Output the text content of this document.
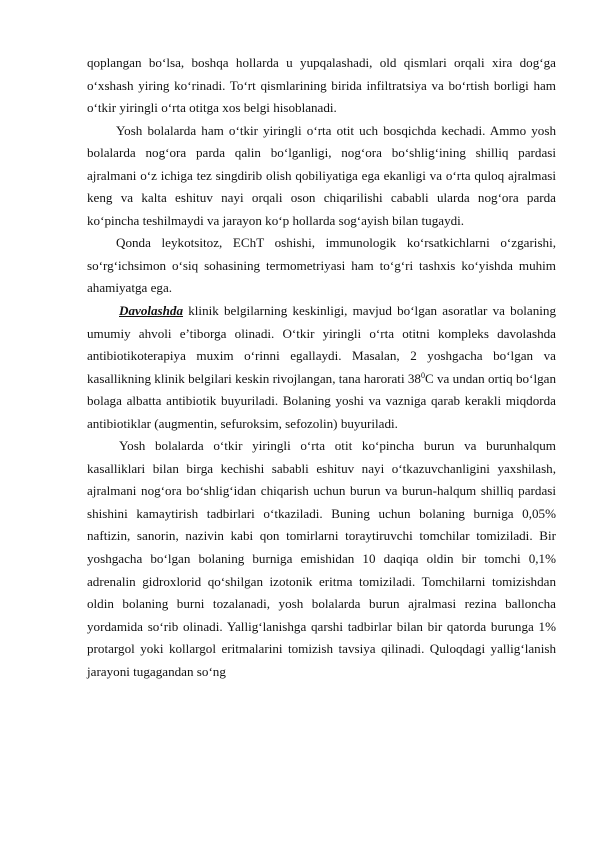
qoplangan bo‘lsa, boshqa hollarda u yupqalashadi, old qismlari orqali xira dog‘ga o‘xshash yiring ko‘rinadi. To‘rt qismlarining birida infiltratsiya va bo‘rtish borligi ham o‘tkir yiringli o‘rta otitga xos belgi hisoblanadi.

Yosh bolalarda ham o‘tkir yiringli o‘rta otit uch bosqichda kechadi. Ammo yosh bolalarda nog‘ora parda qalin bo‘lganligi, nog‘ora bo‘shlig‘ining shilliq pardasi ajralmani o‘z ichiga tez singdirib olish qobiliyatiga ega ekanligi va o‘rta quloq ajralmasi keng va kalta eshituv nayi orqali oson chiqarilishi cababli ularda nog‘ora parda ko‘pincha teshilmaydi va jarayon ko‘p hollarda sog‘ayish bilan tugaydi.

Qonda leykotsitoz, EChT oshishi, immunologik ko‘rsatkichlarni o‘zgarishi, so‘rg‘ichsimon o‘siq sohasining termometriyasi ham to‘g‘ri tashxis ko‘yishda muhim ahamiyatga ega.

Davolashda klinik belgilarning keskinligi, mavjud bo‘lgan asoratlar va bolaning umumiy ahvoli e’tiborga olinadi. O‘tkir yiringli o‘rta otitni kompleks davolashda antibiotikoterapiya muxim o‘rinni egallaydi. Masalan, 2 yoshgacha bo‘lgan va kasallikning klinik belgilari keskin rivojlangan, tana harorati $38^0C$ va undan ortiq bo‘lgan bolaga albatta antibiotik buyuriladi. Bolaning yoshi va vazniga qarab kerakli miqdorda antibiotiklar (augmentin, sefuroksim, sefozolin) buyuriladi.

Yosh bolalarda o‘tkir yiringli o‘rta otit ko‘pincha burun va burunhalqum kasalliklari bilan birga kechishi sababli eshituv nayi o‘tkazuvchanligini yaxshilash, ajralmani nog‘ora bo‘shlig‘idan chiqarish uchun burun va burun-halqum shilliq pardasi shishini kamaytirish tadbirlari o‘tkaziladi. Buning uchun bolaning burniga 0,05% naftizin, sanorin, nazivin kabi qon tomirlarni toraytiruvchi tomchilar tomiziladi. Bir yoshgacha bo‘lgan bolaning burniga emishidan 10 daqiqa oldin bir tomchi 0,1% adrenalin gidroxlorid qo‘shilgan izotonik eritma tomiziladi. Tomchilarni tomizishdan oldin bolaning burni tozalanadi, yosh bolalarda burun ajralmasi rezina balloncha yordamida so‘rib olinadi. Yallig‘lanishga qarshi tadbirlar bilan bir qatorda burunga 1% protargol yoki kollargol eritmalarini tomizish tavsiya qilinadi. Quloqdagi yallig‘lanish jarayoni tugagandan so‘ng
